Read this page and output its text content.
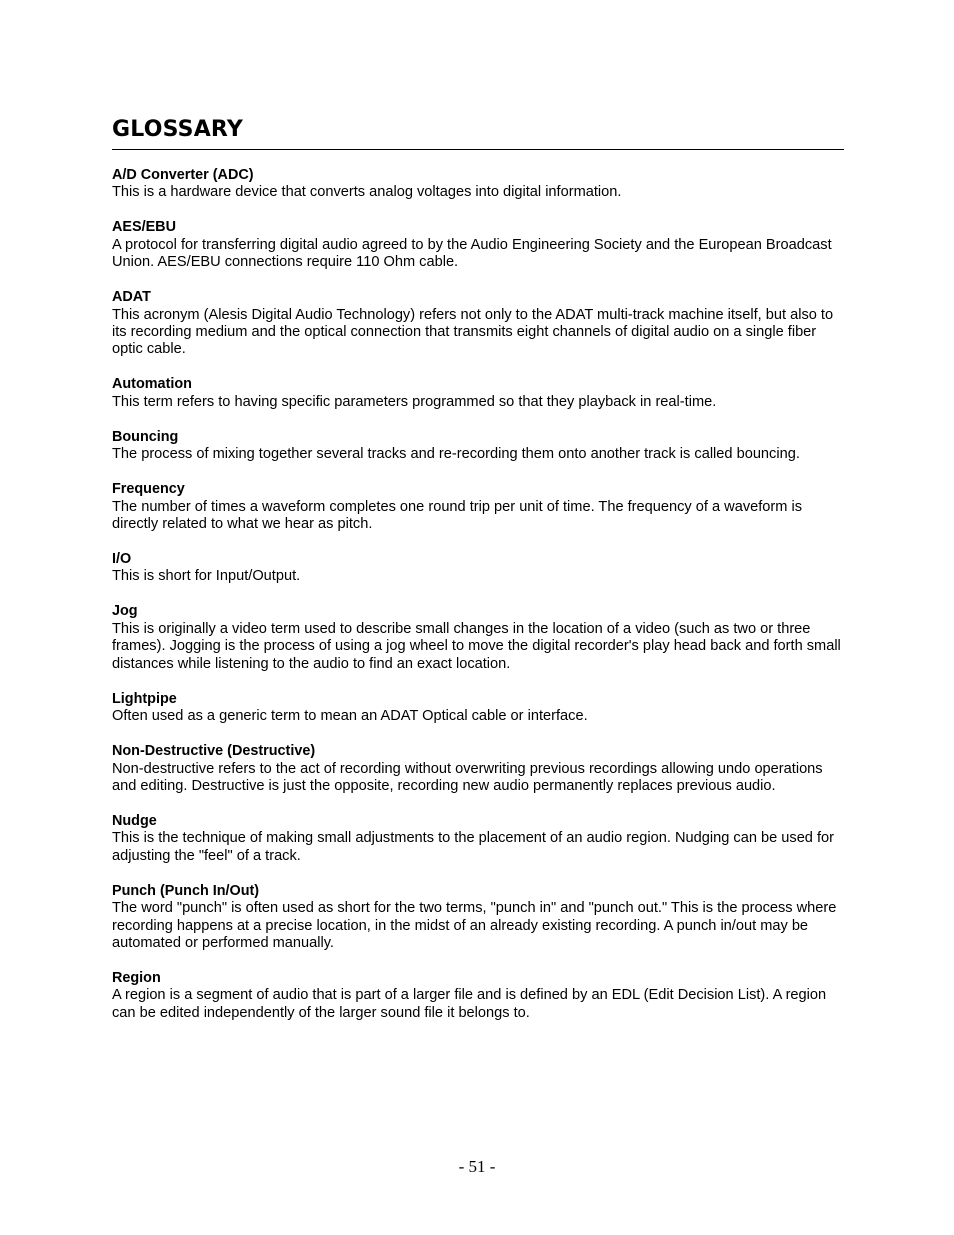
GLOSSARY
A/D Converter (ADC)
This is a hardware device that converts analog voltages into digital information.
AES/EBU
A protocol for transferring digital audio agreed to by the Audio Engineering Society and the European Broadcast Union. AES/EBU connections require 110 Ohm cable.
ADAT
This acronym (Alesis Digital Audio Technology) refers not only to the ADAT multi-track machine itself, but also to its recording medium and the optical connection that transmits eight channels of digital audio on a single fiber optic cable.
Automation
This term refers to having specific parameters programmed so that they playback in real-time.
Bouncing
The process of mixing together several tracks and re-recording them onto another track is called bouncing.
Frequency
The number of times a waveform completes one round trip per unit of time. The frequency of a waveform is directly related to what we hear as pitch.
I/O
This is short for Input/Output.
Jog
This is originally a video term used to describe small changes in the location of a video (such as two or three frames). Jogging is the process of using a jog wheel to move the digital recorder's play head back and forth small distances while listening to the audio to find an exact location.
Lightpipe
Often used as a generic term to mean an ADAT Optical cable or interface.
Non-Destructive (Destructive)
Non-destructive refers to the act of recording without overwriting previous recordings allowing undo operations and editing. Destructive is just the opposite, recording new audio permanently replaces previous audio.
Nudge
This is the technique of making small adjustments to the placement of an audio region. Nudging can be used for adjusting the "feel" of a track.
Punch (Punch In/Out)
The word "punch" is often used as short for the two terms, "punch in" and "punch out." This is the process where recording happens at a precise location, in the midst of an already existing recording. A punch in/out may be automated or performed manually.
Region
A region is a segment of audio that is part of a larger file and is defined by an EDL (Edit Decision List). A region can be edited independently of the larger sound file it belongs to.
- 51 -
